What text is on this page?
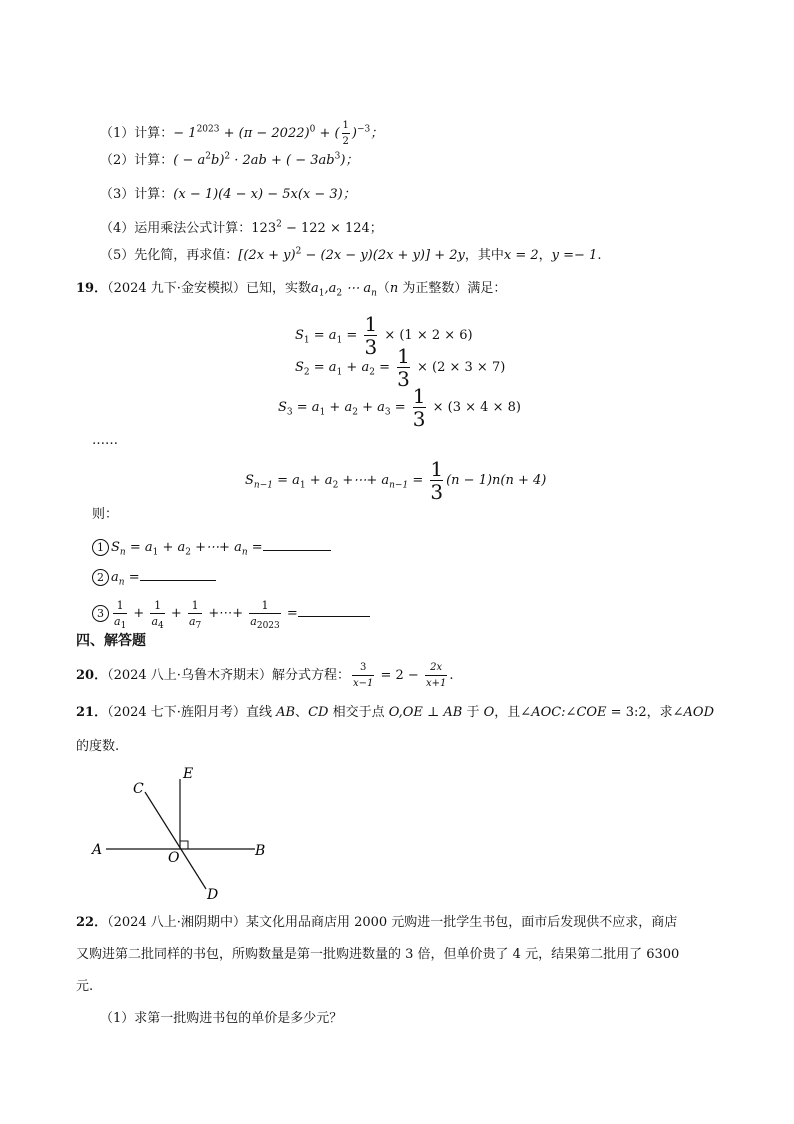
（1）计算：− $1^{2023} + (\pi - 2022)^0$ + ( $\frac{1}{2} )^{-3}$；
（2）计算：( − $a^2b)^2 \cdot 2ab$ + ( − $3ab^3$)；
（3）计算：(x − 1)(4 − x) − 5x(x − 3)；
（4）运用乘法公式计算：$123^2 - 122 \times 124$；
（5）先化简，再求值：$[(2x + y)^2 - (2x - y)(2x + y)] + 2y$，其中x = 2，y =− 1.
19．（2024 九下·金安模拟）已知，实数$a_1,a_2$ ⋯ $a_n(n$ 为正整数）满足：
$S_1 = a_1 = \frac{1}{3} \times (1 \times 2 \times 6)$
$S_2 = a_1 + a_2 = \frac{1}{3} \times (2 \times 3 \times 7)$
$S_3 = a_1 + a_2 + a_3 = \frac{1}{3} \times (3 \times 4 \times 8)$
……
$S_{n-1} = a_1 + a_2$ +⋯+ $a_{n-1} = \frac{1}{3} (n - 1)n(n + 4)$
则：
1 $S_n = a_1 + a_2$ +⋯+ $a_n$ =
2 $a_n$ =
$3 \frac{1}{a_1} + \frac{1}{a_4} + \frac{1}{a_7}$ +⋯+ $\frac{1}{a_{2023}}$ =
四、解答题
20．（2024 八上·乌鲁木齐期末）解分式方程： $\frac{3}{x-1} = 2 - \frac{2x}{x+1}$ .
21．（2024 七下·旌阳月考）直线 AB、CD 相交于点 O,OE ⊥ AB 于 O，且∠AOC:∠COE = 3:2，求∠AOD
的度数.
A	B
C
D
E
O
22．（2024 八上·湘阴期中）某文化用品商店用 2000 元购进一批学生书包，面市后发现供不应求，商店
又购进第二批同样的书包，所购数量是第一批购进数量的 3 倍，但单价贵了 4 元，结果第二批用了 6300
元.
（1）求第一批购进书包的单价是多少元？
